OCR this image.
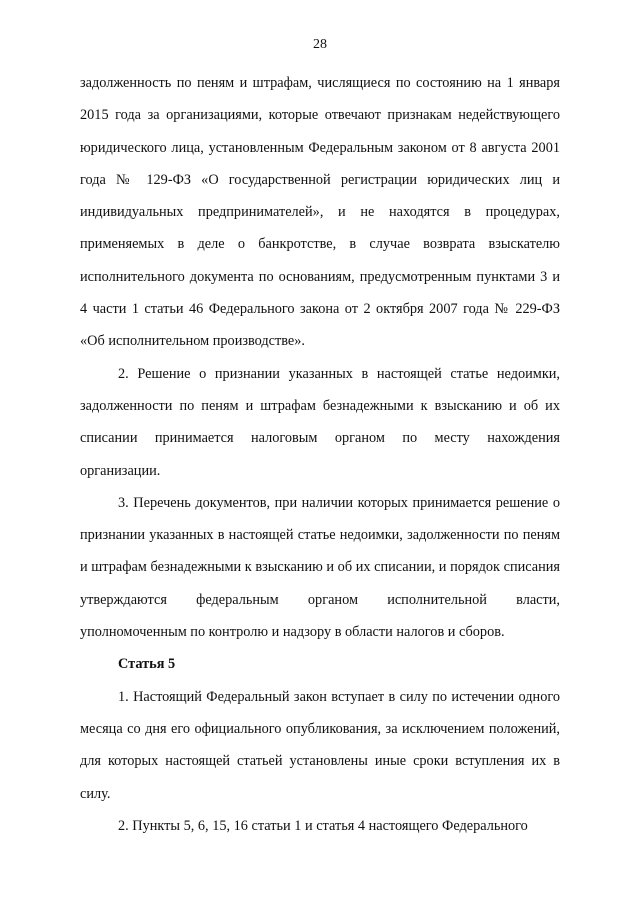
28

задолженность по пеням и штрафам, числящиеся по состоянию на 1 января 2015 года за организациями, которые отвечают признакам недействующего юридического лица, установленным Федеральным законом от 8 августа 2001 года № 129-ФЗ «О государственной регистрации юридических лиц и индивидуальных предпринимателей», и не находятся в процедурах, применяемых в деле о банкротстве, в случае возврата взыскателю исполнительного документа по основаниям, предусмотренным пунктами 3 и 4 части 1 статьи 46 Федерального закона от 2 октября 2007 года № 229-ФЗ «Об исполнительном производстве».

2. Решение о признании указанных в настоящей статье недоимки, задолженности по пеням и штрафам безнадежными к взысканию и об их списании принимается налоговым органом по месту нахождения организации.

3. Перечень документов, при наличии которых принимается решение о признании указанных в настоящей статье недоимки, задолженности по пеням и штрафам безнадежными к взысканию и об их списании, и порядок списания утверждаются федеральным органом исполнительной власти, уполномоченным по контролю и надзору в области налогов и сборов.

Статья 5

1. Настоящий Федеральный закон вступает в силу по истечении одного месяца со дня его официального опубликования, за исключением положений, для которых настоящей статьей установлены иные сроки вступления их в силу.

2. Пункты 5, 6, 15, 16 статьи 1 и статья 4 настоящего Федерального
